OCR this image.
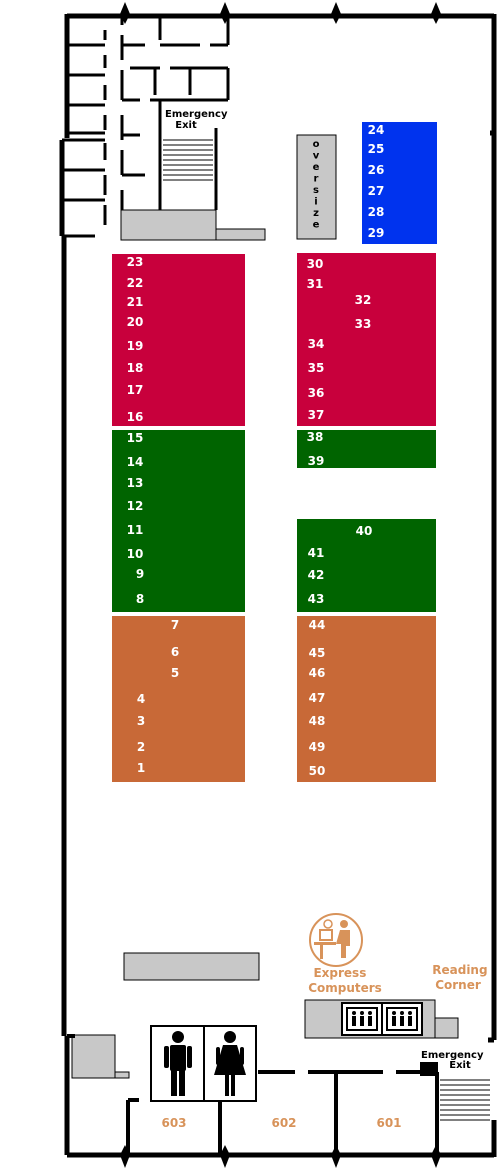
Emergency Exit
o v e r s i z e
1
2
3
4
5
6
7
8
9
10
11
12
13
14
15
16
17
18
19
20
21
22
23
24
25
26
27
28
29
30
31
32
33
34
35
36
37
38
39
40
41
42
43
44
45
46
47
48
49
50
Express Computers
Reading Corner
Emergency Exit
603	602	601
